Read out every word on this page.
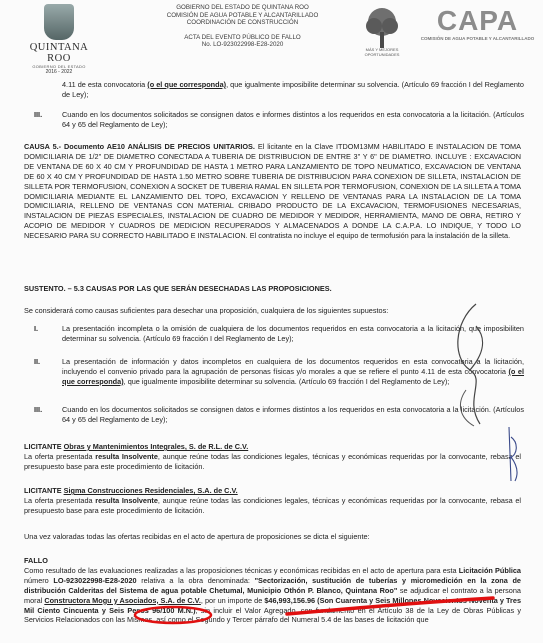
QUINTANA ROO
GOBIERNO DEL ESTADO
2016 - 2022
GOBIERNO DEL ESTADO DE QUINTANA ROO
COMISIÓN DE AGUA POTABLE Y ALCANTARILLADO
COORDINACIÓN DE CONSTRUCCIÓN
ACTA DEL EVENTO PÚBLICO DE FALLO
No. LO-923022998-E28-2020
MÁS Y MEJORES OPORTUNIDADES
CAPA
COMISIÓN DE AGUA POTABLE Y ALCANTARILLADO

4.11 de esta convocatoria (o el que corresponda), que igualmente imposibilite determinar su solvencia. (Artículo 69 fracción I del Reglamento de Ley);

III.	Cuando en los documentos solicitados se consignen datos e informes distintos a los requeridos en esta convocatoria a la licitación. (Artículos 64 y 65 del Reglamento de Ley);

CAUSA 5.- Documento AE10 ANÁLISIS DE PRECIOS UNITARIOS. El licitante en la Clave ITDOM13MM HABILITADO E INSTALACION DE TOMA DOMICILIARIA DE 1/2" DE DIAMETRO CONECTADA A TUBERIA DE DISTRIBUCION DE ENTRE 3" Y 6" DE DIAMETRO. INCLUYE : EXCAVACION DE VENTANA DE 60 X 40 CM Y PROFUNDIDAD DE HASTA 1 METRO PARA LANZAMIENTO DE TOPO NEUMATICO, EXCAVACION DE VENTANA DE 60 X 40 CM Y PROFUNDIDAD DE HASTA 1.50 METRO SOBRE TUBERIA DE DISTRIBUCION PARA CONEXION DE SILLETA, INSTALACION DE SILLETA POR TERMOFUSION, CONEXION A SOCKET DE TUBERIA RAMAL EN SILLETA POR TERMOFUSION, CONEXION DE LA SILLETA A TOMA DOMICILIARIA MEDIANTE EL LANZAMIENTO DEL TOPO, EXCAVACION Y RELLENO DE VENTANAS PARA LA INSTALACION DE LA TOMA DOMICILIARIA, RELLENO DE VENTANAS CON MATERIAL CRIBADO PRODUCTO DE LA EXCAVACION, TERMOFUSIONES NECESARIAS, INSTALACION DE PIEZAS ESPECIALES, INSTALACION DE CUADRO DE MEDIDOR Y MEDIDOR, HERRAMIENTA, MANO DE OBRA, RETIRO Y ACOPIO DE MEDIDOR Y CUADROS DE MEDICION RECUPERADOS Y ALMACENADOS A DONDE LA C.A.P.A. LO INDIQUE, Y TODO LO NECESARIO PARA SU CORRECTO HABILITADO E INSTALACION. El contratista no incluye el equipo de termofusión para la instalación de la silleta.

SUSTENTO. – 5.3 CAUSAS POR LAS QUE SERÁN DESECHADAS LAS PROPOSICIONES.

Se considerará como causas suficientes para desechar una proposición, cualquiera de los siguientes supuestos:

I.	La presentación incompleta o la omisión de cualquiera de los documentos requeridos en esta convocatoria a la licitación, que imposibiliten determinar su solvencia. (Artículo 69 fracción I del Reglamento de Ley);

II.	La presentación de información y datos incompletos en cualquiera de los documentos requeridos en esta convocatoria a la licitación, incluyendo el convenio privado para la agrupación de personas físicas y/o morales a que se refiere el punto 4.11 de esta convocatoria (o el que corresponda), que igualmente imposibilite determinar su solvencia. (Artículo 69 fracción I del Reglamento de Ley);

III.	Cuando en los documentos solicitados se consignen datos e informes distintos a los requeridos en esta convocatoria a la licitación. (Artículos 64 y 65 del Reglamento de Ley);

LICITANTE Obras y Mantenimientos Integrales, S. de R.L. de C.V.
La oferta presentada resulta Insolvente, aunque reúne todas las condiciones legales, técnicas y económicas requeridas por la convocante, rebasa el presupuesto base para este procedimiento de licitación.

LICITANTE Sigma Construcciones Residenciales, S.A. de C.V.
La oferta presentada resulta Insolvente, aunque reúne todas las condiciones legales, técnicas y económicas requeridas por la convocante, rebasa el presupuesto base para este procedimiento de licitación.

Una vez valoradas todas las ofertas recibidas en el acto de apertura de proposiciones se dicta el siguiente:

FALLO
Como resultado de las evaluaciones realizadas a las proposiciones técnicas y económicas recibidas en el acto de apertura para esta Licitación Pública número LO-923022998-E28-2020 relativa a la obra denominada: "Sectorización, sustitución de tuberías y micromedición en la zona de distribución Calderitas del Sistema de agua potable Chetumal, Municipio Othón P. Blanco, Quintana Roo" se adjudicar el contrato a la persona moral Constructora Mogu y Asociados, S.A. de C.V., por un importe de $46,993,156.96 (Son Cuarenta y Seis Millones Novecientos Noventa y Tres Mil Ciento Cincuenta y Seis Pesos 96/100 M.N.), sin incluir el Valor Agregado, con fundamento en el Artículo 38 de la Ley de Obras Públicas y Servicios Relacionados con las Mismas, así como el Segundo y Tercer párrafo del Numeral 5.4 de las bases de licitación que
